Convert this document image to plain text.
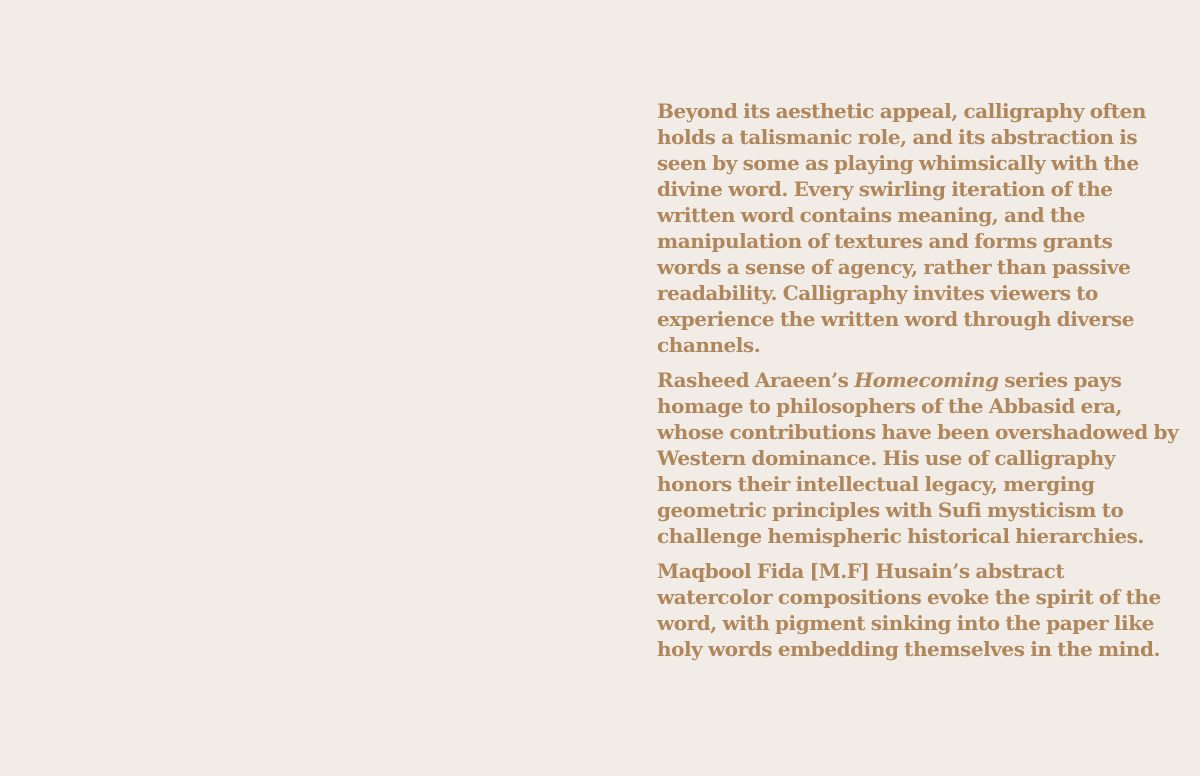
Beyond its aesthetic appeal, calligraphy often
holds a talismanic role, and its abstraction is
seen by some as playing whimsically with the
divine word. Every swirling iteration of the
written word contains meaning, and the
manipulation of textures and forms grants
words a sense of agency, rather than passive
readability. Calligraphy invites viewers to
experience the written word through diverse
channels.

Rasheed Araeen’s Homecoming series pays
homage to philosophers of the Abbasid era,
whose contributions have been overshadowed by
Western dominance. His use of calligraphy
honors their intellectual legacy, merging
geometric principles with Sufi mysticism to
challenge hemispheric historical hierarchies.

Maqbool Fida [M.F] Husain’s abstract
watercolor compositions evoke the spirit of the
word, with pigment sinking into the paper like
holy words embedding themselves in the mind.
